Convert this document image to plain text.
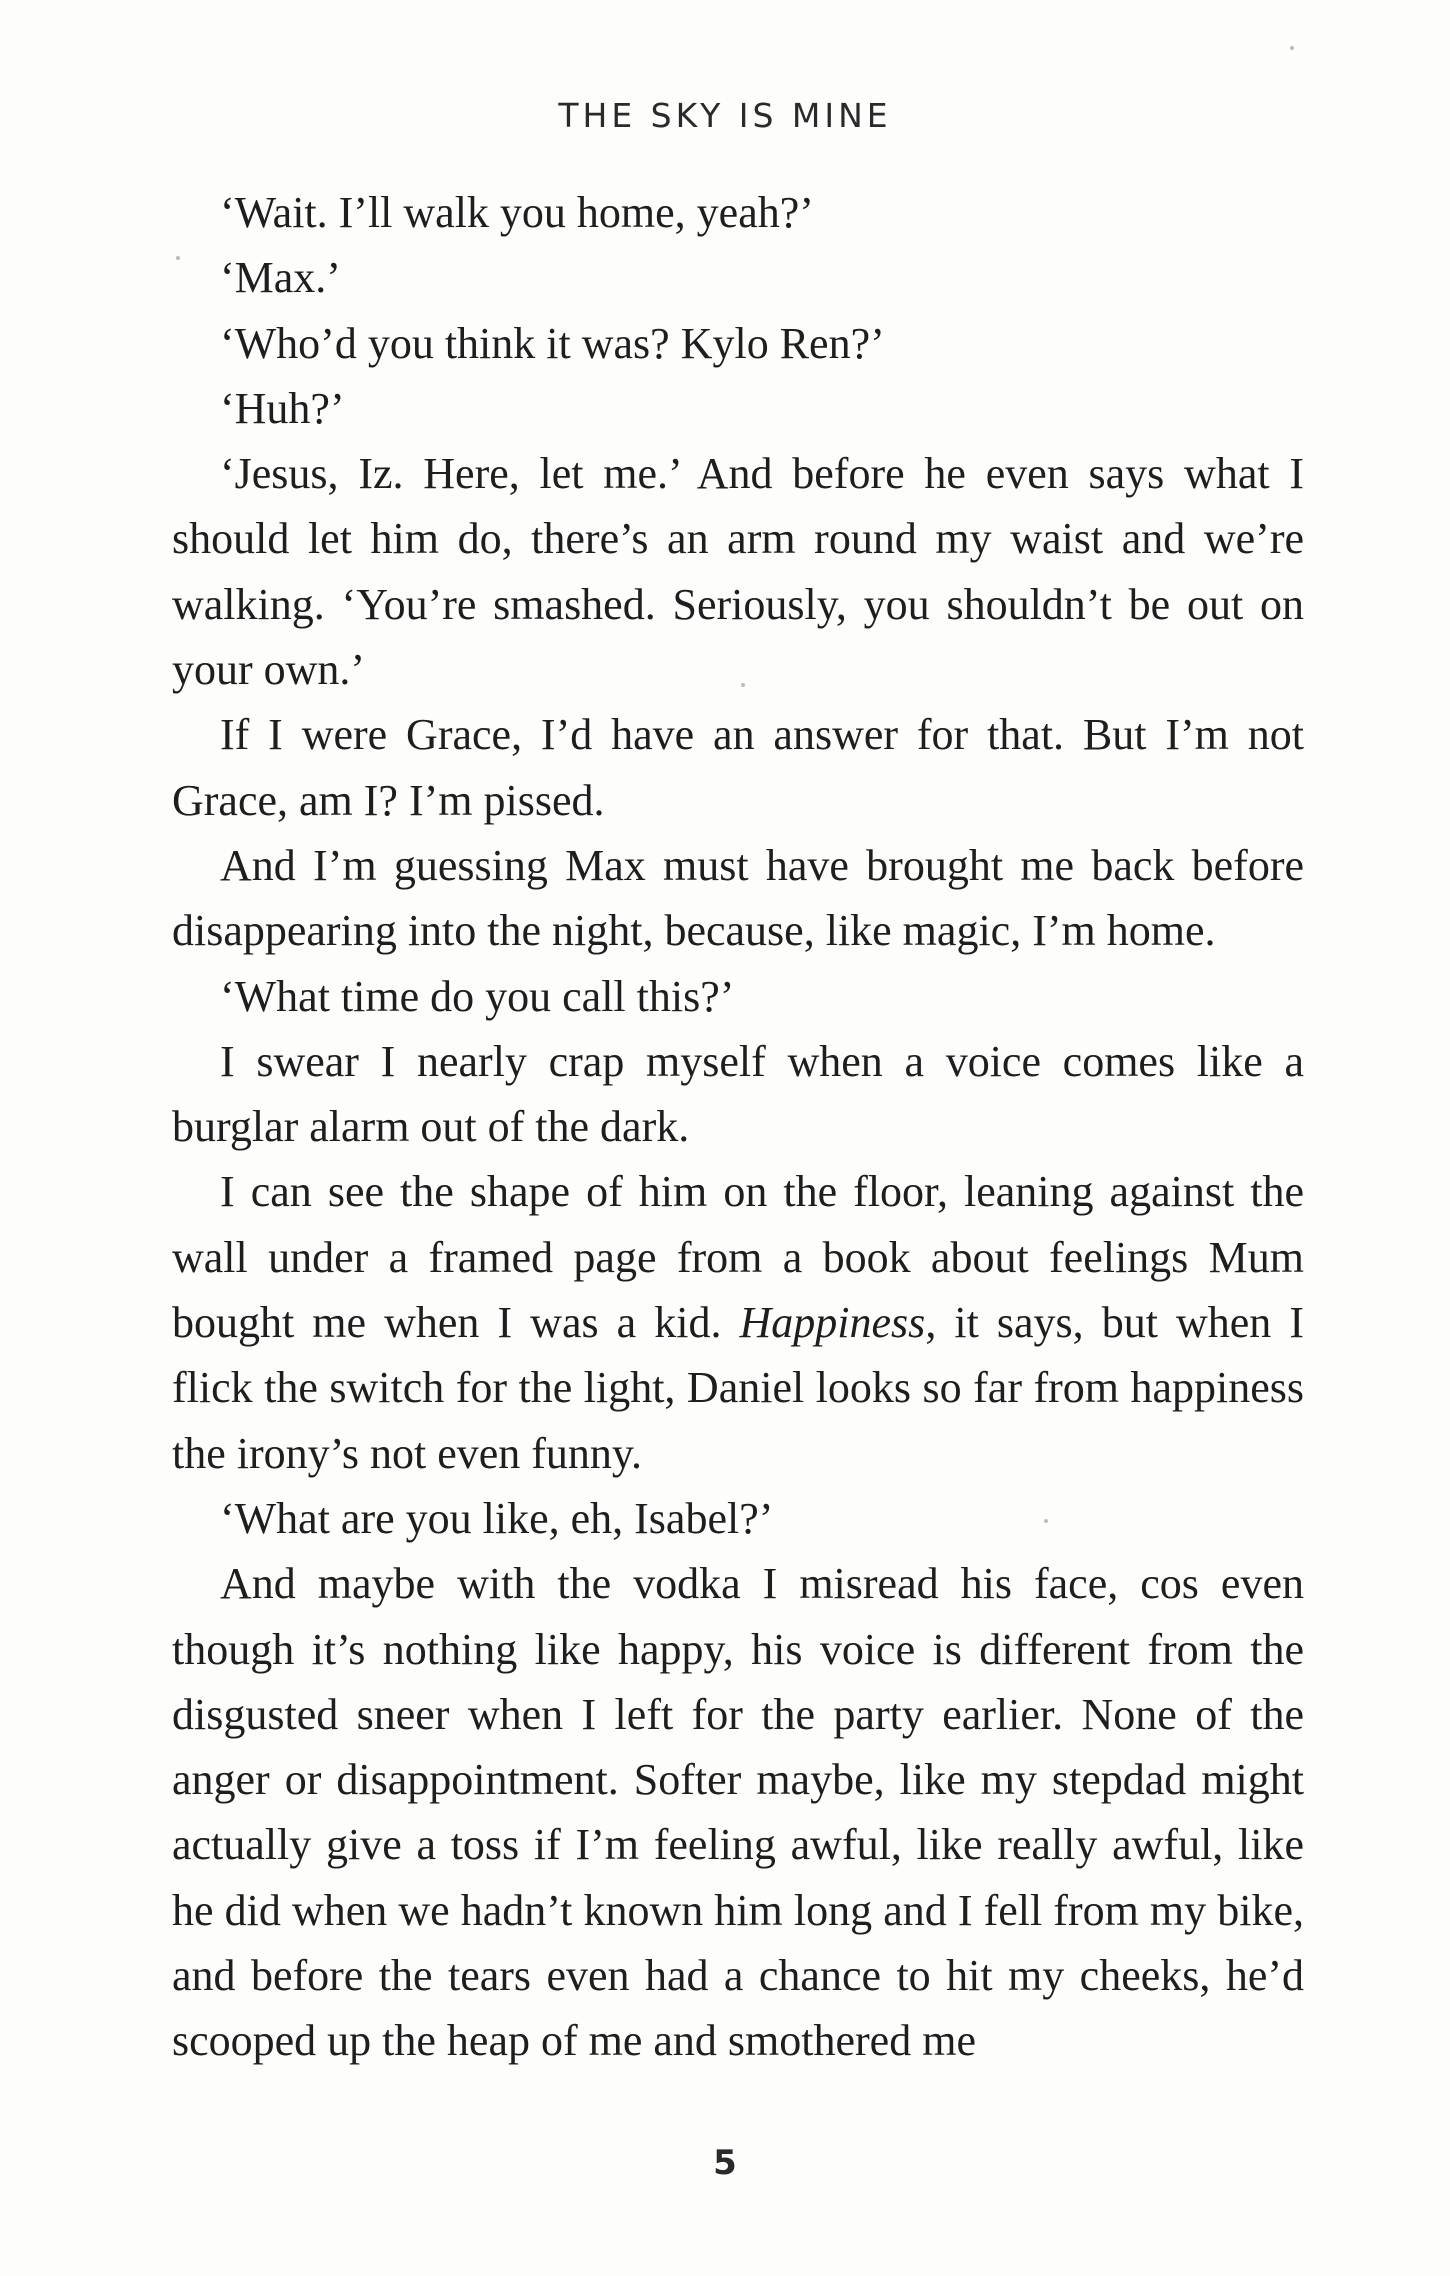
THE SKY IS MINE

‘Wait. I’ll walk you home, yeah?’

‘Max.’

‘Who’d you think it was? Kylo Ren?’

‘Huh?’

‘Jesus, Iz. Here, let me.’ And before he even says what I should let him do, there’s an arm round my waist and we’re walking. ‘You’re smashed. Seriously, you shouldn’t be out on your own.’

If I were Grace, I’d have an answer for that. But I’m not Grace, am I? I’m pissed.

And I’m guessing Max must have brought me back before disappearing into the night, because, like magic, I’m home.

‘What time do you call this?’

I swear I nearly crap myself when a voice comes like a burglar alarm out of the dark.

I can see the shape of him on the floor, leaning against the wall under a framed page from a book about feelings Mum bought me when I was a kid. Happiness, it says, but when I flick the switch for the light, Daniel looks so far from happiness the irony’s not even funny.

‘What are you like, eh, Isabel?’

And maybe with the vodka I misread his face, cos even though it’s nothing like happy, his voice is different from the disgusted sneer when I left for the party earlier. None of the anger or disappointment. Softer maybe, like my stepdad might actually give a toss if I’m feeling awful, like really awful, like he did when we hadn’t known him long and I fell from my bike, and before the tears even had a chance to hit my cheeks, he’d scooped up the heap of me and smothered me

5
